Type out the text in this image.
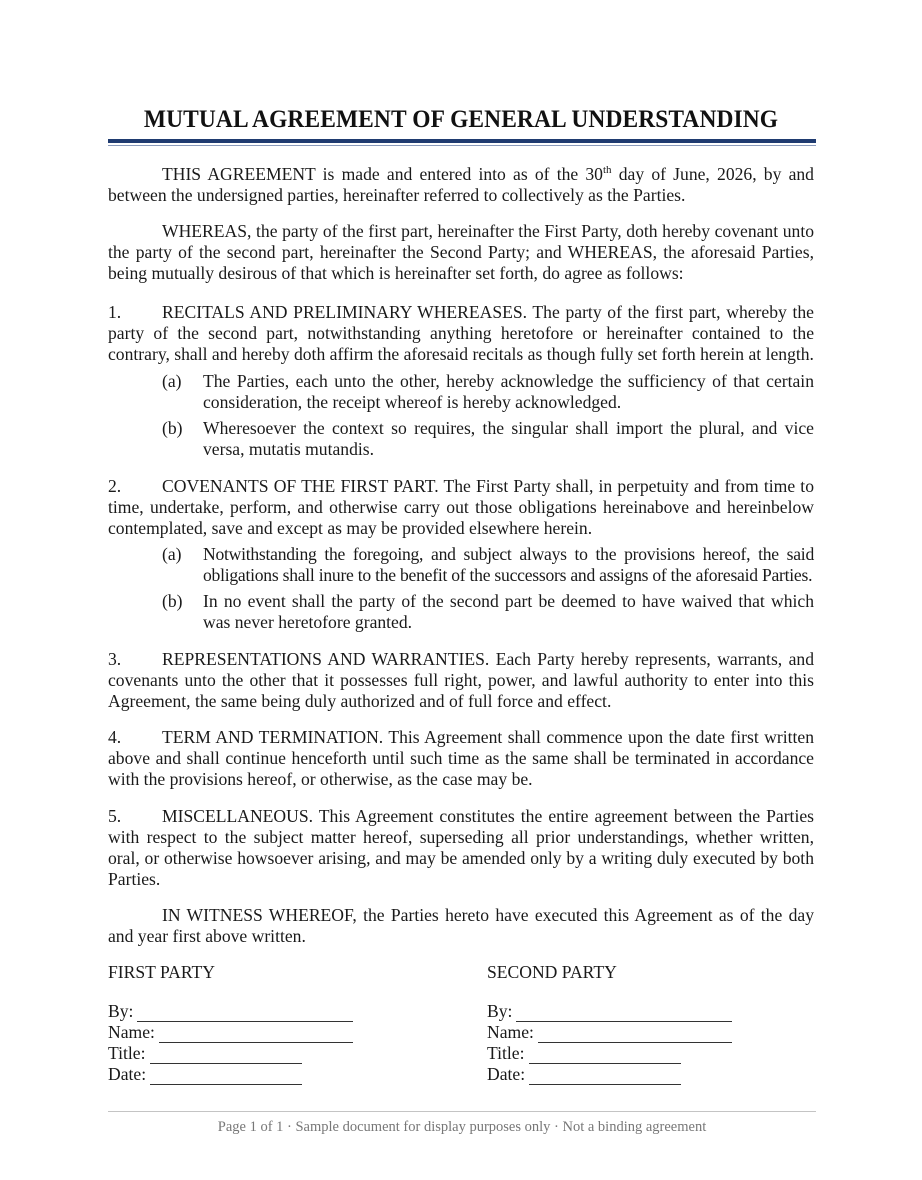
MUTUAL AGREEMENT OF GENERAL UNDERSTANDING

THIS AGREEMENT is made and entered into as of the 30th day of June, 2026, by and between the undersigned parties, hereinafter referred to collectively as the Parties.

WHEREAS, the party of the first part, hereinafter the First Party, doth hereby covenant unto the party of the second part, hereinafter the Second Party; and WHEREAS, the aforesaid Parties, being mutually desirous of that which is hereinafter set forth, do agree as follows:

1. RECITALS AND PRELIMINARY WHEREASES. The party of the first part, whereby the party of the second part, notwithstanding anything heretofore or hereinafter contained to the contrary, shall and hereby doth affirm the aforesaid recitals as though fully set forth herein at length.

(a)	The Parties, each unto the other, hereby acknowledge the sufficiency of that certain consideration, the receipt whereof is hereby acknowledged.
(b)	Wheresoever the context so requires, the singular shall import the plural, and vice versa, mutatis mutandis.

2. COVENANTS OF THE FIRST PART. The First Party shall, in perpetuity and from time to time, undertake, perform, and otherwise carry out those obligations hereinabove and hereinbelow contemplated, save and except as may be provided elsewhere herein.

(a)	Notwithstanding the foregoing, and subject always to the provisions hereof, the said obligations shall inure to the benefit of the successors and assigns of the aforesaid Parties.
(b)	In no event shall the party of the second part be deemed to have waived that which was never heretofore granted.

3. REPRESENTATIONS AND WARRANTIES. Each Party hereby represents, warrants, and covenants unto the other that it possesses full right, power, and lawful authority to enter into this Agreement, the same being duly authorized and of full force and effect.

4. TERM AND TERMINATION. This Agreement shall commence upon the date first written above and shall continue henceforth until such time as the same shall be terminated in accordance with the provisions hereof, or otherwise, as the case may be.

5. MISCELLANEOUS. This Agreement constitutes the entire agreement between the Parties with respect to the subject matter hereof, superseding all prior understandings, whether written, oral, or otherwise howsoever arising, and may be amended only by a writing duly executed by both Parties.

IN WITNESS WHEREOF, the Parties hereto have executed this Agreement as of the day and year first above written.

FIRST PARTY
By:
Name:
Title:
Date:
SECOND PARTY
By:
Name:
Title:
Date:
Page 1 of 1 · Sample document for display purposes only · Not a binding agreement
